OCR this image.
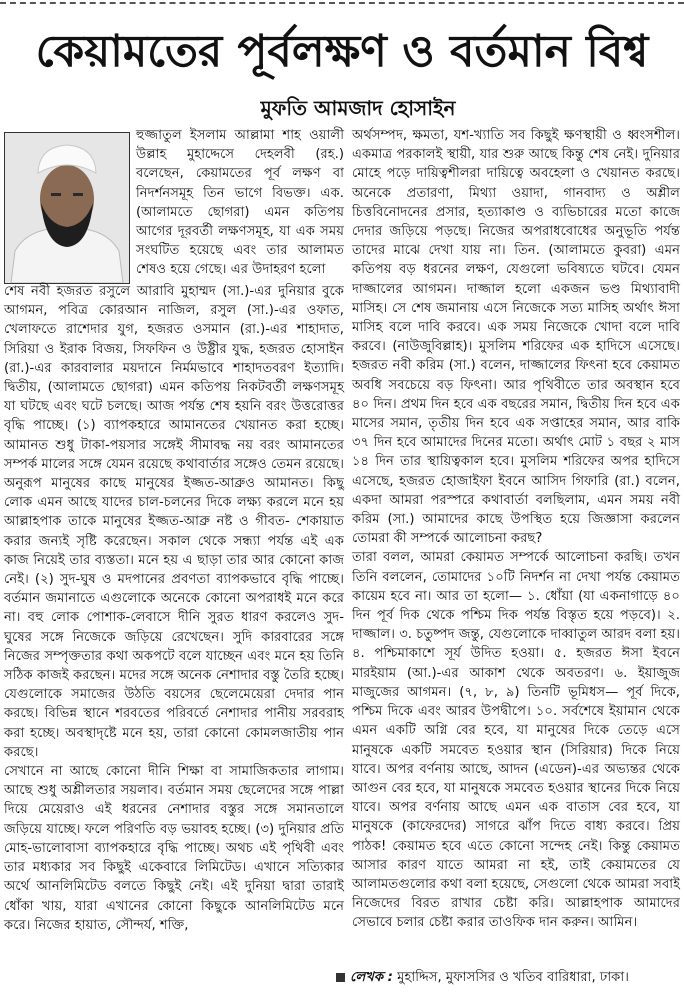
কেয়ামতের পূর্বলক্ষণ ও বর্তমান বিশ্ব
মুফতি আমজাদ হোসাইন

হুজ্জাতুল ইসলাম আল্লামা শাহ ওয়ালী উল্লাহ মুহাদ্দেসে দেহলবী (রহ.) বলেছেন, কেয়ামতের পূর্ব লক্ষণ বা নিদর্শনসমূহ তিন ভাগে বিভক্ত। এক. (আলামতে ছোগরা) এমন কতিপয় আগের দূরবর্তী লক্ষণসমূহ, যা এক সময় সংঘটিত হয়েছে এবং তার আলামত শেষও হয়ে গেছে। এর উদাহরণ হলো

শেষ নবী হজরত রসুলে আরাবি মুহাম্মদ (সা.)-এর দুনিয়ার বুকে আগমন, পবিত্র কোরআন নাজিল, রসুল (সা.)-এর ওফাত, খেলাফতে রাশেদার যুগ, হজরত ওসমান (রা.)-এর শাহাদাত, সিরিয়া ও ইরাক বিজয়, সিফফিন ও উষ্ট্রীর যুদ্ধ, হজরত হোসাইন (রা.)-এর কারবালার ময়দানে নির্মমভাবে শাহাদতবরণ ইত্যাদি। দ্বিতীয়, (আলামতে ছোগরা) এমন কতিপয় নিকটবর্তী লক্ষণসমূহ যা ঘটছে এবং ঘটে চলছে। আজ পর্যন্ত শেষ হয়নি বরং উত্তরোত্তর বৃদ্ধি পাচ্ছে। (১) ব্যাপকহারে আমানতের খেয়ানত করা হচ্ছে। আমানত শুধু টাকা-পয়সার সঙ্গেই সীমাবদ্ধ নয় বরং আমানতের সম্পর্ক মালের সঙ্গে যেমন রয়েছে কথাবার্তার সঙ্গেও তেমন রয়েছে। অনুরূপ মানুষের কাছে মানুষের ইজ্জত-আব্রুও আমানত। কিছু লোক এমন আছে যাদের চাল-চলনের দিকে লক্ষ্য করলে মনে হয় আল্লাহপাক তাকে মানুষের ইজ্জত-আব্রু নষ্ট ও গীবত- শেকায়াত করার জন্যই সৃষ্টি করেছেন। সকাল থেকে সন্ধ্যা পর্যন্ত এই এক কাজ নিয়েই তার ব্যস্ততা। মনে হয় এ ছাড়া তার আর কোনো কাজ নেই। (২) সুদ-ঘুষ ও মদপানের প্রবণতা ব্যাপকভাবে বৃদ্ধি পাচ্ছে। বর্তমান জমানাতে এগুলোকে অনেকে কোনো অপরাধই মনে করে না। বহু লোক পোশাক-লেবাসে দীনি সুরত ধারণ করলেও সুদ-ঘুষের সঙ্গে নিজেকে জড়িয়ে রেখেছেন। সুদি কারবারের সঙ্গে নিজের সম্পৃক্ততার কথা অকপটে বলে যাচ্ছেন এবং মনে হয় তিনি সঠিক কাজই করছেন। মদের সঙ্গে অনেক নেশাদার বস্তু তৈরি হচ্ছে। যেগুলোকে সমাজের উঠতি বয়সের ছেলেমেয়েরা দেদার পান করছে। বিভিন্ন স্থানে শরবতের পরিবর্তে নেশাদার পানীয় সরবরাহ করা হচ্ছে। অবস্থাদৃষ্টে মনে হয়, তারা কোনো কোমলজাতীয় পান করছে।

সেখানে না আছে কোনো দীনি শিক্ষা বা সামাজিকতার লাগাম। আছে শুধু অশ্লীলতার সয়লাব। বর্তমান সময় ছেলেদের সঙ্গে পাল্লা দিয়ে মেয়েরাও এই ধরনের নেশাদার বস্তুর সঙ্গে সমানতালে জড়িয়ে যাচ্ছে। ফলে পরিণতি বড় ভয়াবহ হচ্ছে। (৩) দুনিয়ার প্রতি মোহ-ভালোবাসা ব্যাপকহারে বৃদ্ধি পাচ্ছে। অথচ এই পৃথিবী এবং তার মধ্যকার সব কিছুই একেবারে লিমিটেড। এখানে সত্যিকার অর্থে আনলিমিটেড বলতে কিছুই নেই। এই দুনিয়া দ্বারা তারাই ধোঁকা খায়, যারা এখানের কোনো কিছুকে আনলিমিটেড মনে করে। নিজের হায়াত, সৌন্দর্য, শক্তি,

অর্থসম্পদ, ক্ষমতা, যশ-খ্যাতি সব কিছুই ক্ষণস্থায়ী ও ধ্বংসশীল। একমাত্র পরকালই স্থায়ী, যার শুরু আছে কিন্তু শেষ নেই। দুনিয়ার মোহে পড়ে দায়িত্বশীলরা দায়িত্বে অবহেলা ও খেয়ানত করছে। অনেকে প্রতারণা, মিথ্যা ওয়াদা, গানবাদ্য ও অশ্লীল চিত্তবিনোদনের প্রসার, হত্যাকাণ্ড ও ব্যভিচারের মতো কাজে দেদার জড়িয়ে পড়ছে। নিজের অপরাধবোধের অনুভূতি পর্যন্ত তাদের মাঝে দেখা যায় না। তিন. (আলামতে কুবরা) এমন কতিপয় বড় ধরনের লক্ষণ, যেগুলো ভবিষ্যতে ঘটবে। যেমন দাজ্জালের আগমন। দাজ্জাল হলো একজন ভণ্ড মিথ্যাবাদী মাসিহ। সে শেষ জমানায় এসে নিজেকে সত্য মাসিহ অর্থাৎ ঈসা মাসিহ বলে দাবি করবে। এক সময় নিজেকে খোদা বলে দাবি করবে। (নাউজুবিল্লাহ)। মুসলিম শরিফের এক হাদিসে এসেছে। হজরত নবী করিম (সা.) বলেন, দাজ্জালের ফিৎনা হবে কেয়ামত অবধি সবচেয়ে বড় ফিৎনা। আর পৃথিবীতে তার অবস্থান হবে ৪০ দিন। প্রথম দিন হবে এক বছরের সমান, দ্বিতীয় দিন হবে এক মাসের সমান, তৃতীয় দিন হবে এক সপ্তাহের সমান, আর বাকি ৩৭ দিন হবে আমাদের দিনের মতো। অর্থাৎ মোট ১ বছর ২ মাস ১৪ দিন তার স্থায়িত্বকাল হবে। মুসলিম শরিফের অপর হাদিসে এসেছে, হজরত হোজাইফা ইবনে আসিদ গিফারি (রা.) বলেন, একদা আমরা পরস্পরে কথাবার্তা বলছিলাম, এমন সময় নবী করিম (সা.) আমাদের কাছে উপস্থিত হয়ে জিজ্ঞাসা করলেন তোমরা কী সম্পর্কে আলোচনা করছ?

তারা বলল, আমরা কেয়ামত সম্পর্কে আলোচনা করছি। তখন তিনি বললেন, তোমাদের ১০টি নিদর্শন না দেখা পর্যন্ত কেয়ামত কায়েম হবে না। আর তা হলো— ১. ধোঁয়া (যা একনাগাড়ে ৪০ দিন পূর্ব দিক থেকে পশ্চিম দিক পর্যন্ত বিস্তৃত হয়ে পড়বে)। ২. দাজ্জাল। ৩. চতুষ্পদ জন্তু, যেগুলোকে দাব্বাতুল আরদ বলা হয়। ৪. পশ্চিমাকাশে সূর্য উদিত হওয়া। ৫. হজরত ঈসা ইবনে মারইয়াম (আ.)-এর আকাশ থেকে অবতরণ। ৬. ইয়াজুজ মাজুজের আগমন। (৭, ৮, ৯) তিনটি ভূমিধস— পূর্ব দিকে, পশ্চিম দিকে এবং আরব উপদ্বীপে। ১০. সর্বশেষে ইয়ামান থেকে এমন একটি অগ্নি বের হবে, যা মানুষের দিকে তেড়ে এসে মানুষকে একটি সমবেত হওয়ার স্থান (সিরিয়ার) দিকে নিয়ে যাবে। অপর বর্ণনায় আছে, আদন (এডেন)-এর অভ্যন্তর থেকে আগুন বের হবে, যা মানুষকে সমবেত হওয়ার স্থানের দিকে নিয়ে যাবে। অপর বর্ণনায় আছে এমন এক বাতাস বের হবে, যা মানুষকে (কাফেরদের) সাগরে ঝাঁপ দিতে বাধ্য করবে। প্রিয় পাঠক! কেয়ামত হবে এতে কোনো সন্দেহ নেই। কিন্তু কেয়ামত আসার কারণ যাতে আমরা না হই, তাই কেয়ামতের যে আলামতগুলোর কথা বলা হয়েছে, সেগুলো থেকে আমরা সবাই নিজেদের বিরত রাখার চেষ্টা করি। আল্লাহপাক আমাদের সেভাবে চলার চেষ্টা করার তাওফিক দান করুন। আমিন।

লেখক : মুহাদ্দিস, মুফাসসির ও খতিব বারিধারা, ঢাকা।
